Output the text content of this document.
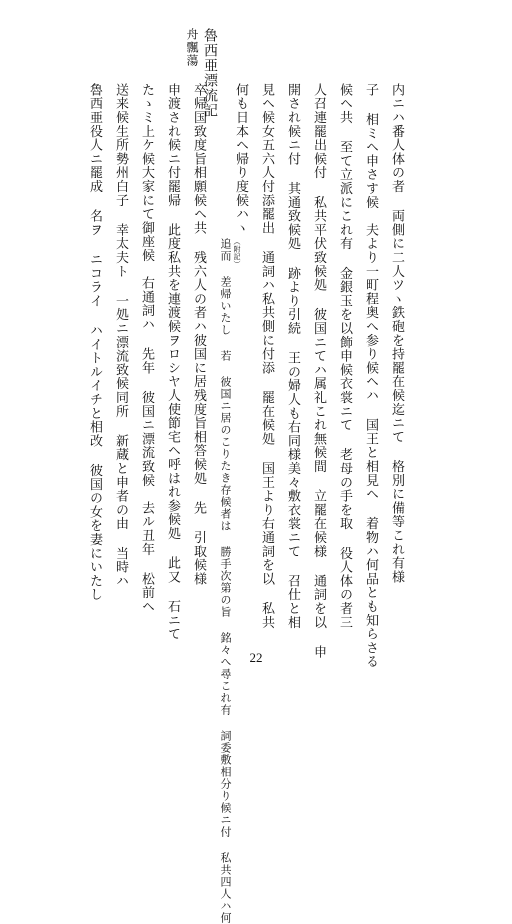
魯西亜漂流記
舟飄蕩
内ニハ番人体の者 両側に二人ツヽ鉄砲を持罷在候迄ニて 格別に備等これ有様
子 相ミヘ申さす候　夫より一町程奥へ参り候ヘハ 国王と相見ヘ 着物ハ何品とも知らさる
候ヘ共 至て立派にこれ有 金銀玉を以飾申候衣裳ニて 老母の手を取 役人体の者三
人召連罷出候付 私共平伏致候処 彼国ニてハ属礼これ無候間 立罷在候様 通詞を以 申
開され候ニ付 其通致候処 跡より引続 王の婦人も右同様美々敷衣裳ニて 召仕と相
見ヘ候女五六人付添罷出 通詞ハ私共側に付添 罷在候処 国王より右通詞を以 私共
何も日本ヘ帰り度候ハヽ
追而 差帰いたし 若 彼国ニ居のこりたき存候者は 勝手次第の旨 銘々へ尋これ有 詞委敷相分り候ニ付 私共四人ハ何 （附記）
卒帰国致度旨相願候ヘ共 残六人の者ハ彼国に居残度旨相答候処 先 引取候様
申渡され候ニ付罷帰 此度私共を連渡候ヲロシヤ人使節宅ヘ呼はれ参候処 此又 石ニて
たゝミ上ケ候大家にて御座候　右通詞ハ 先年 彼国ニ漂流致候　去ル丑年 松前ヘ
送来候生所勢州白子 幸太夫ト 一処ニ漂流致候同所 新蔵と申者の由 当時ハ
魯西亜役人ニ罷成 名ヲ ニコライ ハイトルイチと相改 彼国の女を妻にいたし
22
